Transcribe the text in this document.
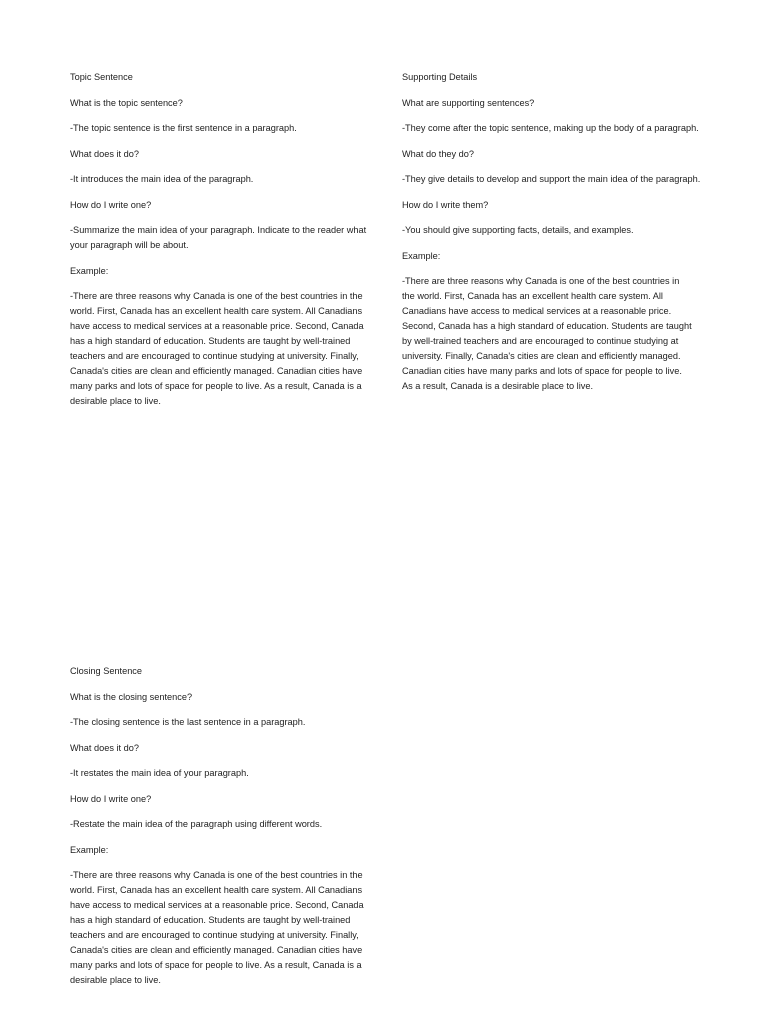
Topic Sentence

What is the topic sentence?

-The topic sentence is the first sentence in a paragraph.

What does it do?

-It introduces the main idea of the paragraph.

How do I write one?

-Summarize the main idea of your paragraph. Indicate to the reader what your paragraph will be about.

Example:

-There are three reasons why Canada is one of the best countries in the world. First, Canada has an excellent health care system. All Canadians have access to medical services at a reasonable price. Second, Canada has a high standard of education. Students are taught by well-trained teachers and are encouraged to continue studying at university. Finally, Canada's cities are clean and efficiently managed. Canadian cities have many parks and lots of space for people to live. As a result, Canada is a desirable place to live.

Supporting Details

What are supporting sentences?

-They come after the topic sentence, making up the body of a paragraph.

What do they do?

-They give details to develop and support the main idea of the paragraph.

How do I write them?

-You should give supporting facts, details, and examples.

Example:

-There are three reasons why Canada is one of the best countries in the world. First, Canada has an excellent health care system. All Canadians have access to medical services at a reasonable price. Second, Canada has a high standard of education. Students are taught by well-trained teachers and are encouraged to continue studying at university. Finally, Canada's cities are clean and efficiently managed. Canadian cities have many parks and lots of space for people to live. As a result, Canada is a desirable place to live.

Closing Sentence

What is the closing sentence?

-The closing sentence is the last sentence in a paragraph.

What does it do?

-It restates the main idea of your paragraph.

How do I write one?

-Restate the main idea of the paragraph using different words.

Example:

-There are three reasons why Canada is one of the best countries in the world. First, Canada has an excellent health care system. All Canadians have access to medical services at a reasonable price. Second, Canada has a high standard of education. Students are taught by well-trained teachers and are encouraged to continue studying at university. Finally, Canada's cities are clean and efficiently managed. Canadian cities have many parks and lots of space for people to live. As a result, Canada is a desirable place to live.
